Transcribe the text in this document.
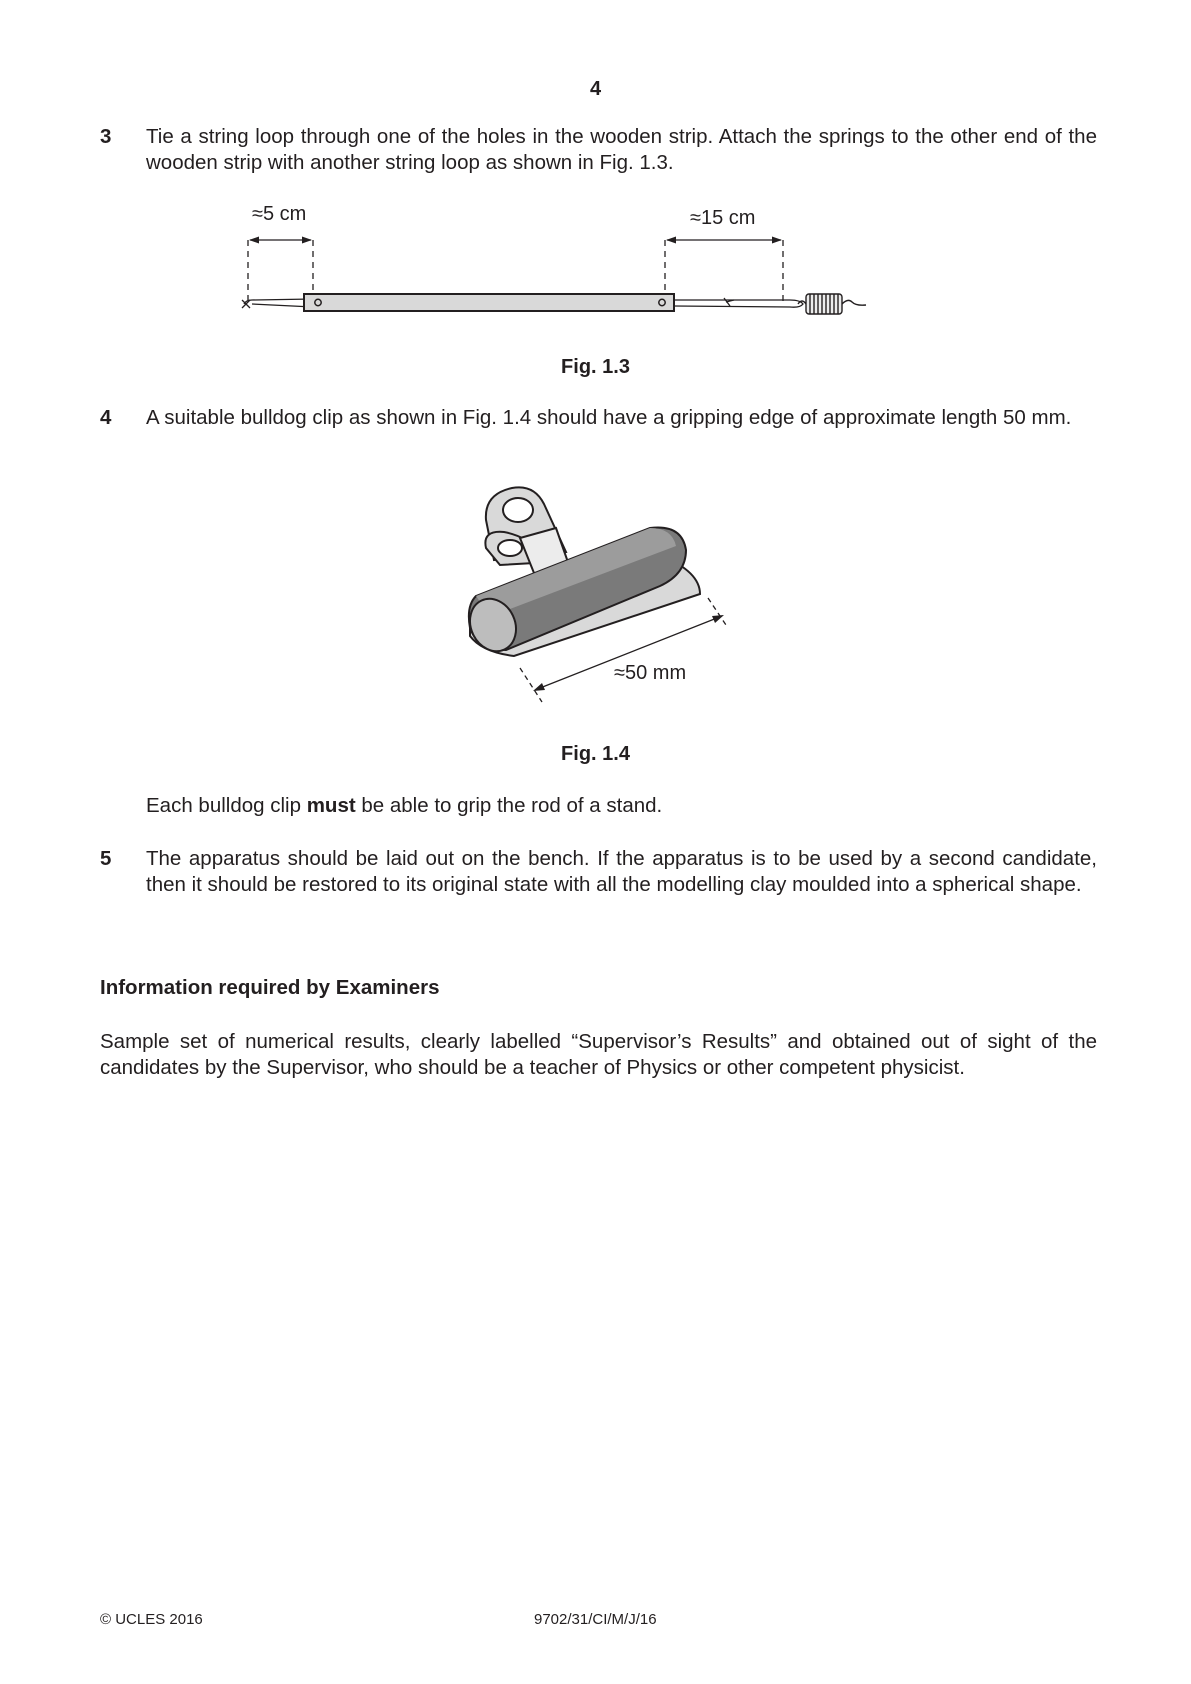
4
3 Tie a string loop through one of the holes in the wooden strip. Attach the springs to the other end of the wooden strip with another string loop as shown in Fig. 1.3.
≈5 cm	≈15 cm
Fig. 1.3
4 A suitable bulldog clip as shown in Fig. 1.4 should have a gripping edge of approximate length 50 mm.
≈50 mm
Fig. 1.4
Each bulldog clip must be able to grip the rod of a stand.
5 The apparatus should be laid out on the bench. If the apparatus is to be used by a second candidate, then it should be restored to its original state with all the modelling clay moulded into a spherical shape.
Information required by Examiners
Sample set of numerical results, clearly labelled “Supervisor’s Results” and obtained out of sight of the candidates by the Supervisor, who should be a teacher of Physics or other competent physicist.
© UCLES 2016	9702/31/CI/M/J/16
